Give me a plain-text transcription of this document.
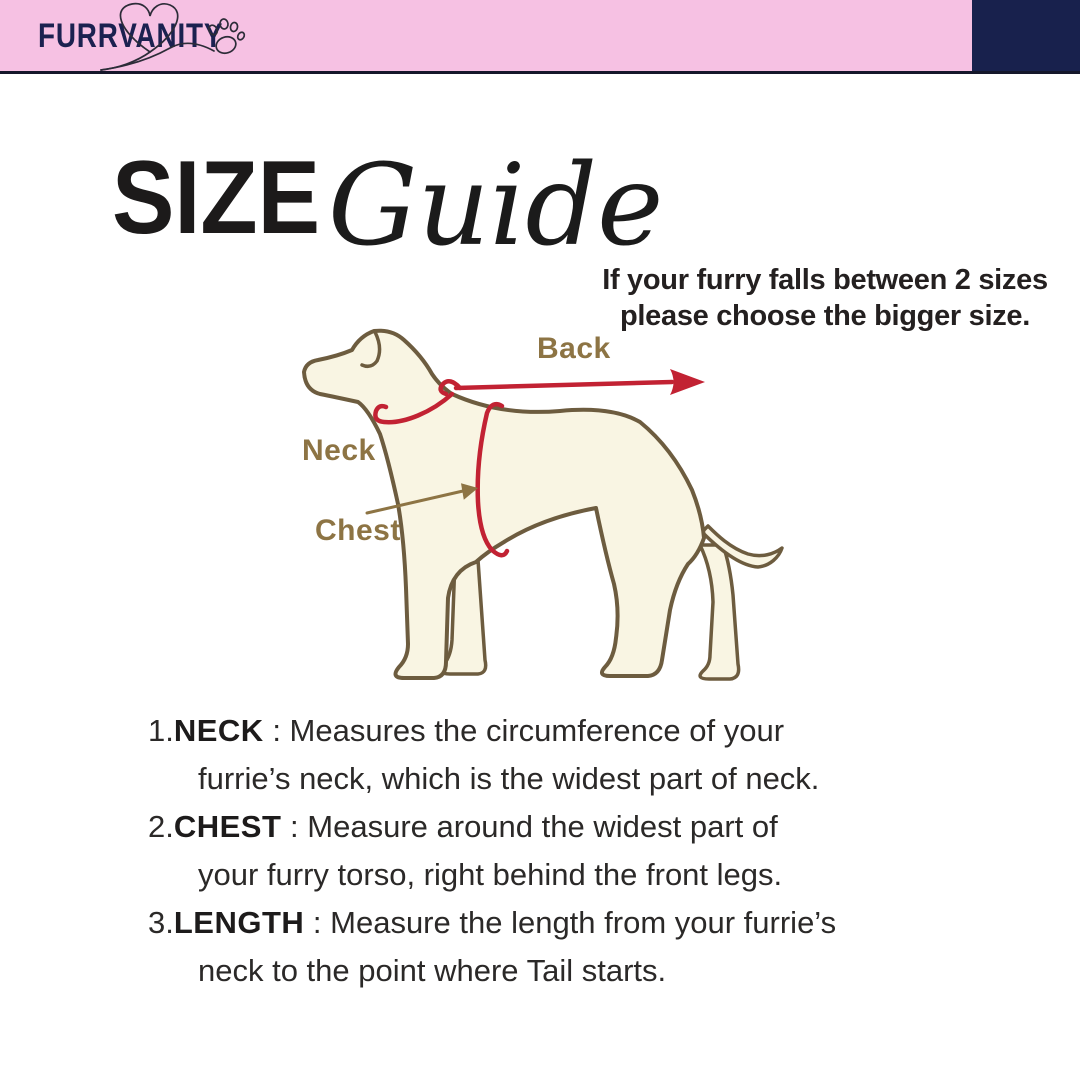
FURRVANITY
SIZE Guide
If your furry falls between 2 sizes
please choose the bigger size.
Back
Neck
Chest
1.NECK : Measures the circumference of your
furrie’s neck, which is the widest part of neck.
2.CHEST : Measure around the widest part of
your furry torso, right behind the front legs.
3.LENGTH : Measure the length from your furrie’s
neck to the point where Tail starts.
